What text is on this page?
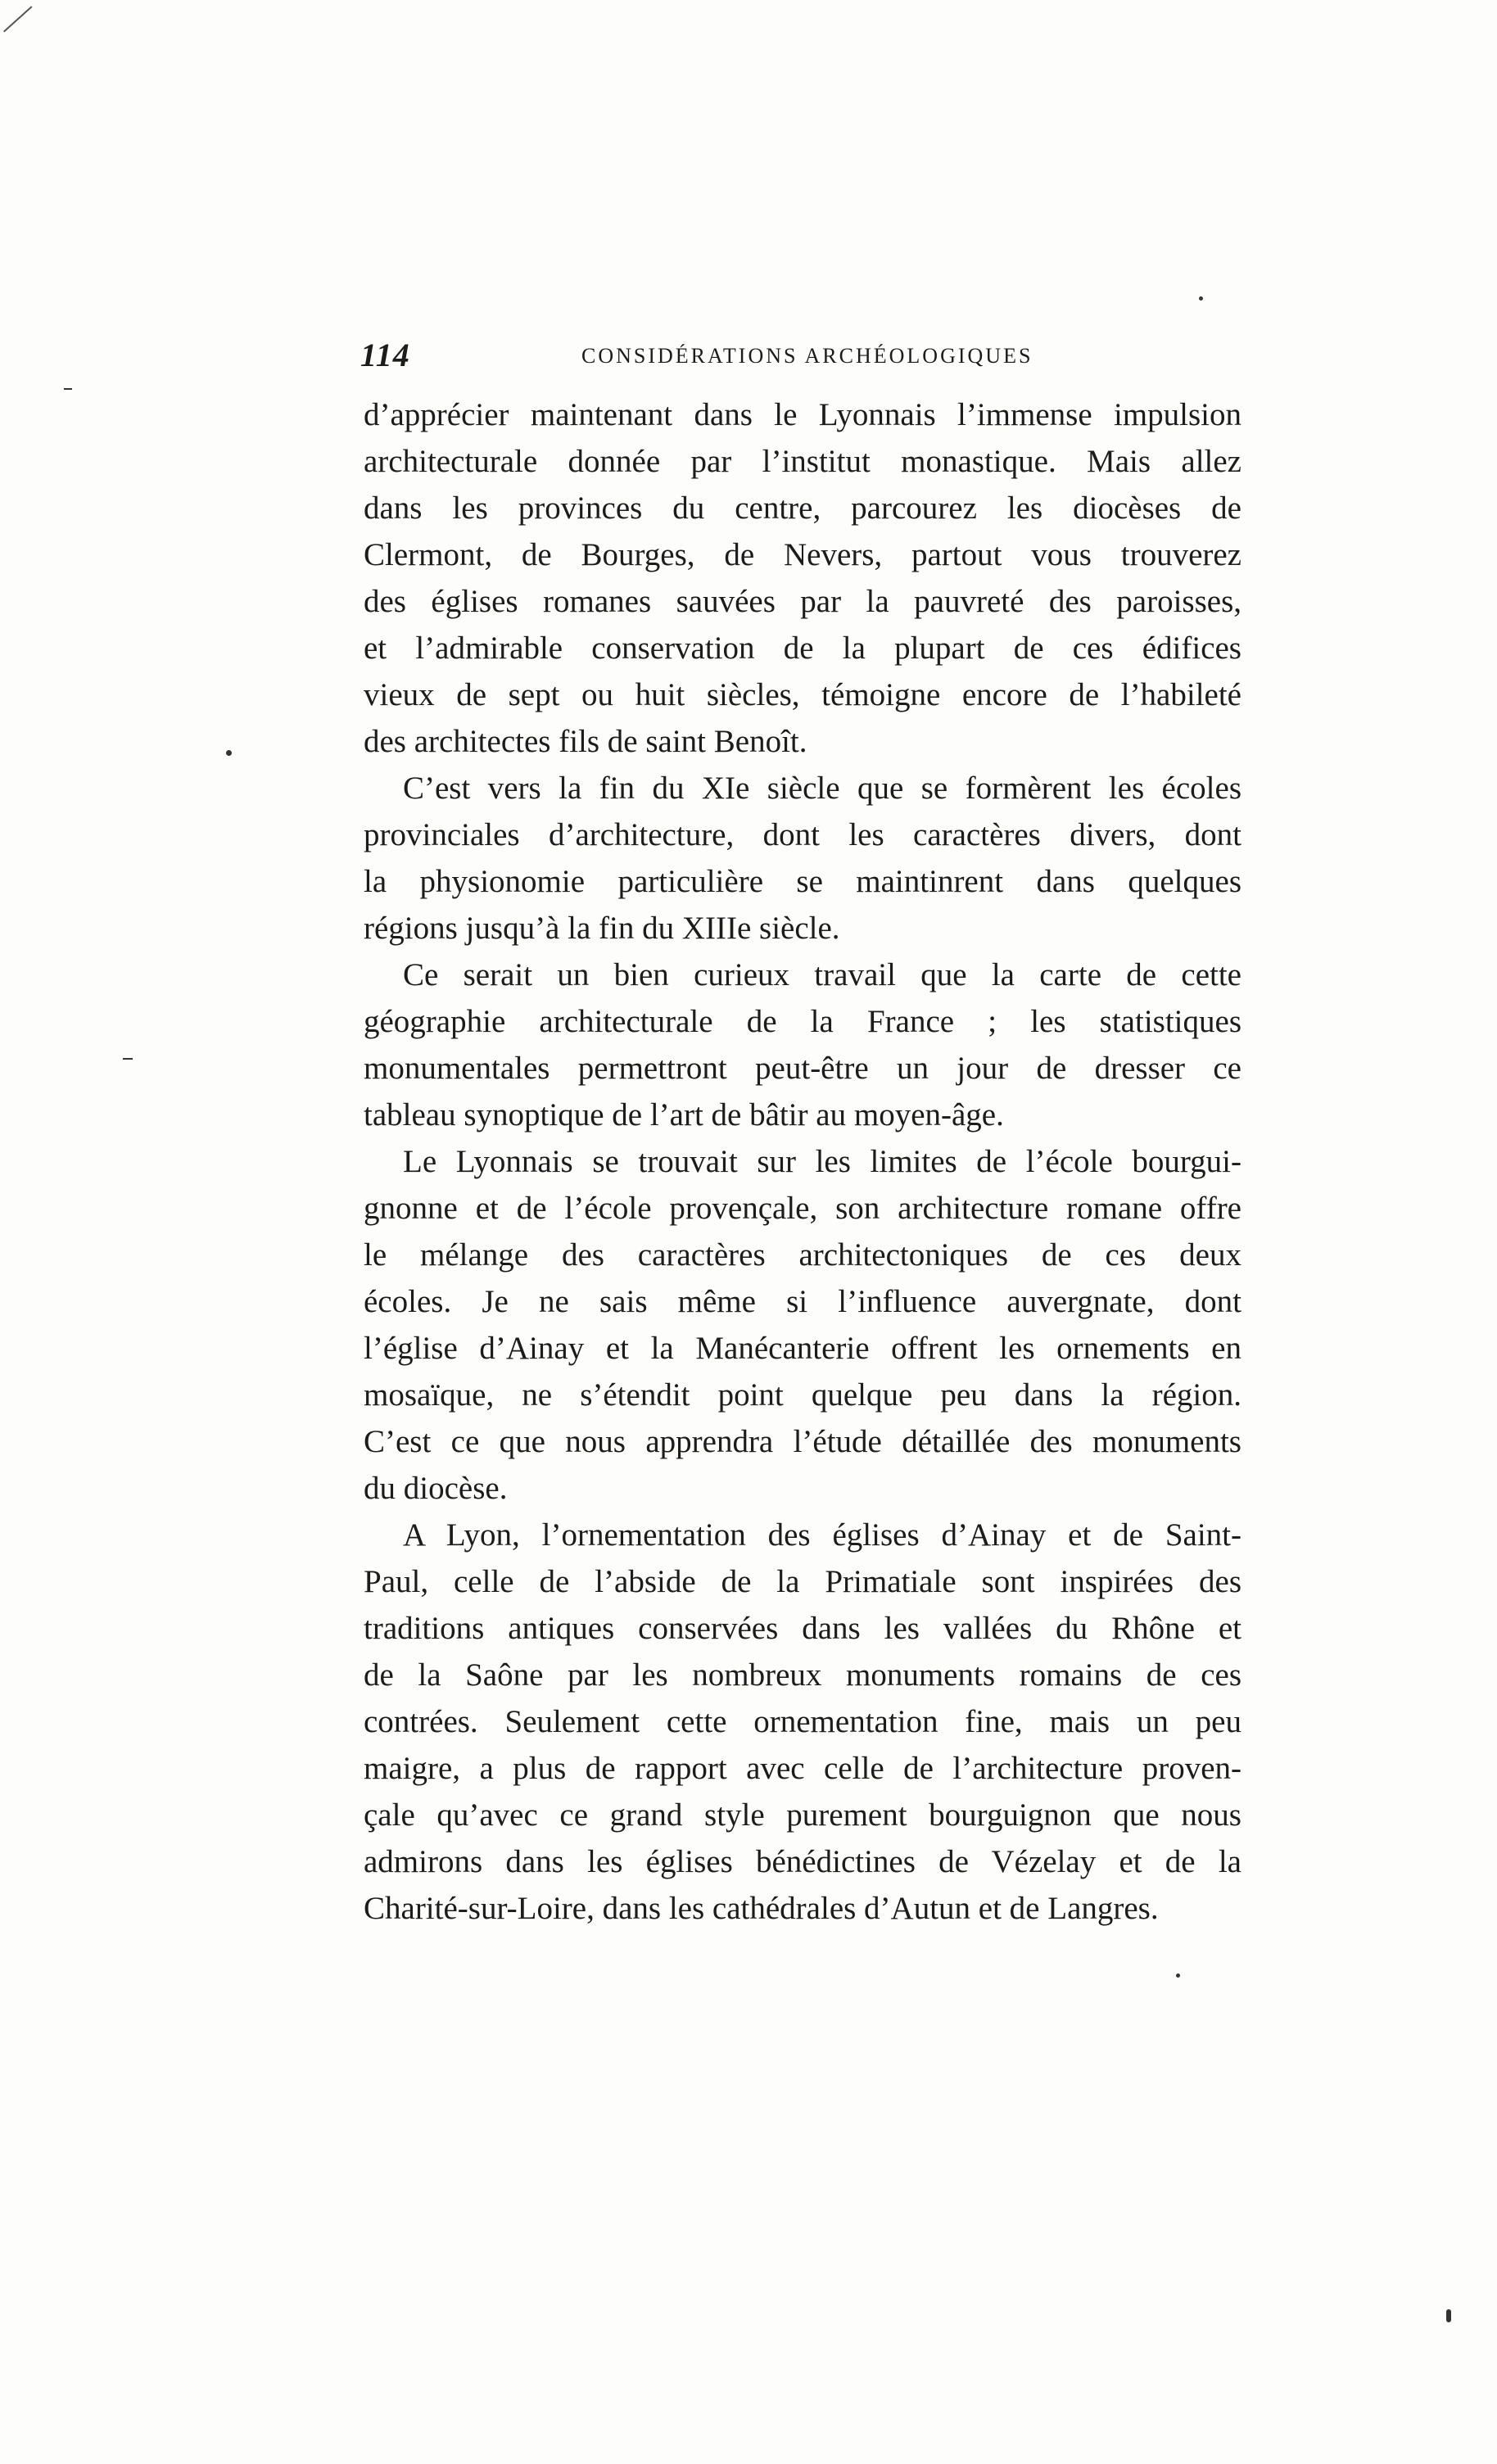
114	CONSIDÉRATIONS ARCHÉOLOGIQUES
d’apprécier maintenant dans le Lyonnais l’immense impulsion
architecturale donnée par l’institut monastique. Mais allez
dans les provinces du centre, parcourez les diocèses de
Clermont, de Bourges, de Nevers, partout vous trouverez
des églises romanes sauvées par la pauvreté des paroisses,
et l’admirable conservation de la plupart de ces édifices
vieux de sept ou huit siècles, témoigne encore de l’habileté
des architectes fils de saint Benoît.
C’est vers la fin du XIe siècle que se formèrent les écoles
provinciales d’architecture, dont les caractères divers, dont
la physionomie particulière se maintinrent dans quelques
régions jusqu’à la fin du XIIIe siècle.
Ce serait un bien curieux travail que la carte de cette
géographie architecturale de la France ; les statistiques
monumentales permettront peut-être un jour de dresser ce
tableau synoptique de l’art de bâtir au moyen-âge.
Le Lyonnais se trouvait sur les limites de l’école bourgui-
gnonne et de l’école provençale, son architecture romane offre
le mélange des caractères architectoniques de ces deux
écoles. Je ne sais même si l’influence auvergnate, dont
l’église d’Ainay et la Manécanterie offrent les ornements en
mosaïque, ne s’étendit point quelque peu dans la région.
C’est ce que nous apprendra l’étude détaillée des monuments
du diocèse.
A Lyon, l’ornementation des églises d’Ainay et de Saint-
Paul, celle de l’abside de la Primatiale sont inspirées des
traditions antiques conservées dans les vallées du Rhône et
de la Saône par les nombreux monuments romains de ces
contrées. Seulement cette ornementation fine, mais un peu
maigre, a plus de rapport avec celle de l’architecture proven-
çale qu’avec ce grand style purement bourguignon que nous
admirons dans les églises bénédictines de Vézelay et de la
Charité-sur-Loire, dans les cathédrales d’Autun et de Langres.
